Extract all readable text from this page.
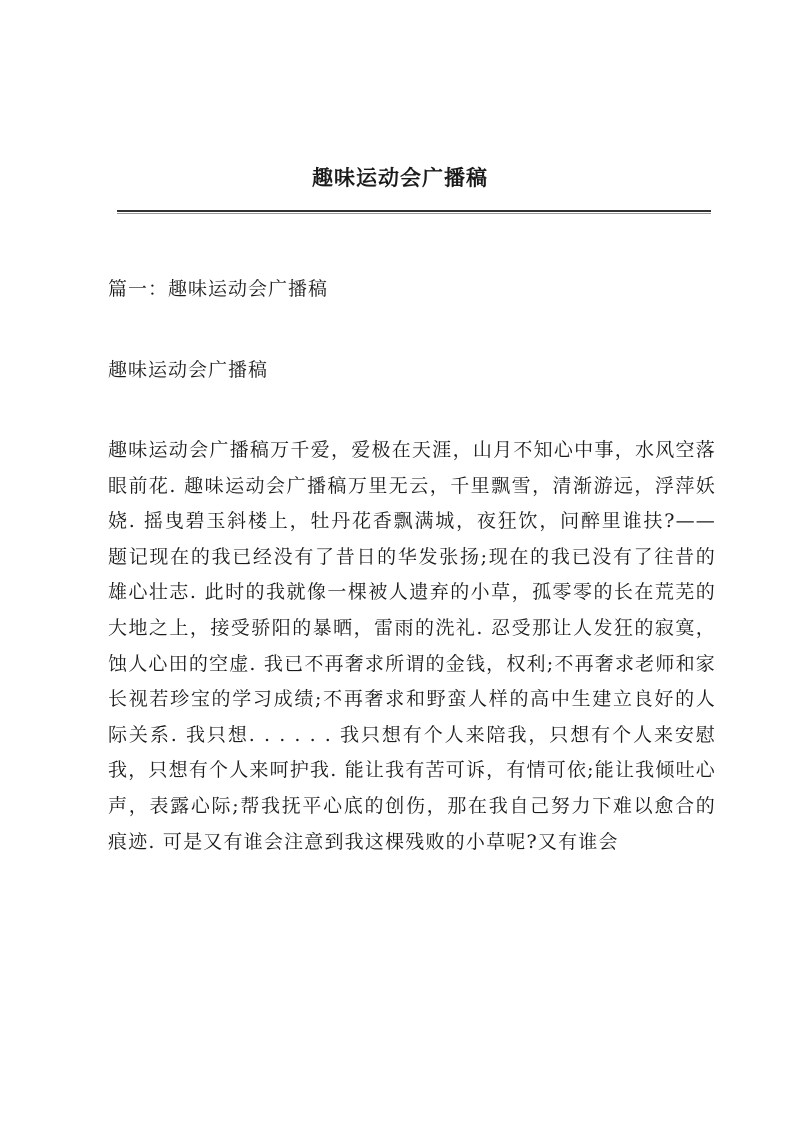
趣味运动会广播稿
篇一：趣味运动会广播稿
趣味运动会广播稿

趣味运动会广播稿万千爱，爱极在天涯，山月不知心中事，水风空落眼前花. 趣味运动会广播稿万里无云，千里飘雪，清渐游远，浮萍妖娆. 摇曳碧玉斜楼上，牡丹花香飘满城，夜狂饮，问醉里谁扶?——题记现在的我已经没有了昔日的华发张扬;现在的我已没有了往昔的雄心壮志. 此时的我就像一棵被人遗弃的小草，孤零零的长在荒芜的大地之上，接受骄阳的暴晒，雷雨的洗礼. 忍受那让人发狂的寂寞，蚀人心田的空虚. 我已不再奢求所谓的金钱，权利;不再奢求老师和家长视若珍宝的学习成绩;不再奢求和野蛮人样的高中生建立良好的人际关系. 我只想. . . . . . 我只想有个人来陪我，只想有个人来安慰我，只想有个人来呵护我. 能让我有苦可诉，有情可依;能让我倾吐心声，表露心际;帮我抚平心底的创伤，那在我自己努力下难以愈合的痕迹. 可是又有谁会注意到我这棵残败的小草呢?又有谁会
